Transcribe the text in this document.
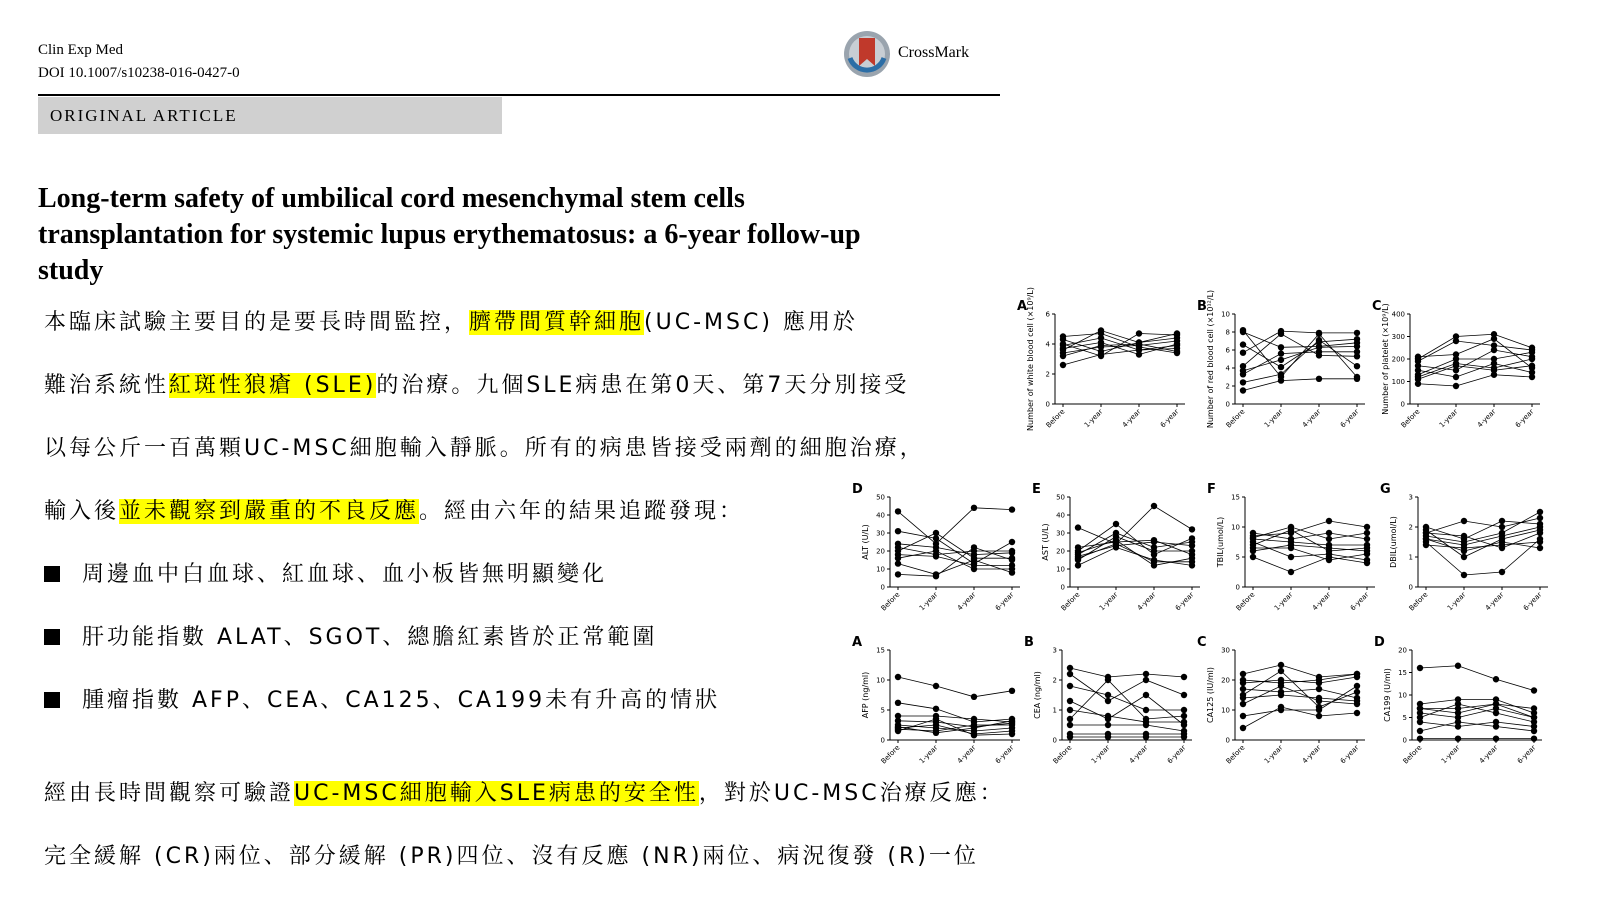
Clin Exp Med
DOI 10.1007/s10238-016-0427-0
CrossMark
ORIGINAL ARTICLE
Long-term safety of umbilical cord mesenchymal stem cells transplantation for systemic lupus erythematosus: a 6-year follow-up study
本臨床試驗主要目的是要長時間監控，臍帶間質幹細胞(UC-MSC) 應用於
難治系統性紅斑性狼瘡 (SLE)的治療。九個SLE病患在第0天、第7天分別接受
以每公斤一百萬顆UC-MSC細胞輸入靜脈。所有的病患皆接受兩劑的細胞治療，
輸入後並未觀察到嚴重的不良反應。經由六年的結果追蹤發現：
周邊血中白血球、紅血球、血小板皆無明顯變化
肝功能指數 ALAT、SGOT、總膽紅素皆於正常範圍
腫瘤指數 AFP、CEA、CA125、CA199未有升高的情狀
經由長時間觀察可驗證UC-MSC細胞輸入SLE病患的安全性，對於UC-MSC治療反應：
完全緩解 (CR)兩位、部分緩解 (PR)四位、沒有反應 (NR)兩位、病況復發 (R)一位
A
0
2
4
6
Number of white blood cell (×10⁹/L) Before 1-year 4-year 6-year
B
0
2
4
6
8
10
Number of red blood cell (×10¹²/L) Before 1-year 4-year 6-year
C
0
100
200
300
400
Number of platelet (×10⁹/L)
Before 1-year 4-year 6-year
D
0
10
20
30
40
50
ALT (U/L)
Before 1-year 4-year 6-year
E
0
10
20
30
40
50
AST (U/L)
Before 1-year 4-year 6-year
F
0
5
10
15
TBIL(umol/L)
Before 1-year 4-year 6-year
G
0
1
2
3
DBIL(umol/L)
Before 1-year 4-year 6-year
A
0
5
10
15
AFP (ng/ml)
Before 1-year 4-year 6-year
B
0
1
2
3
CEA (ng/ml)
Before 1-year 4-year 6-year
C
0
10
20
30
CA125 (IU/ml)
Before 1-year 4-year 6-year
D
0
5
10
15
20
CA199 (U/ml)
Before 1-year 4-year 6-year
